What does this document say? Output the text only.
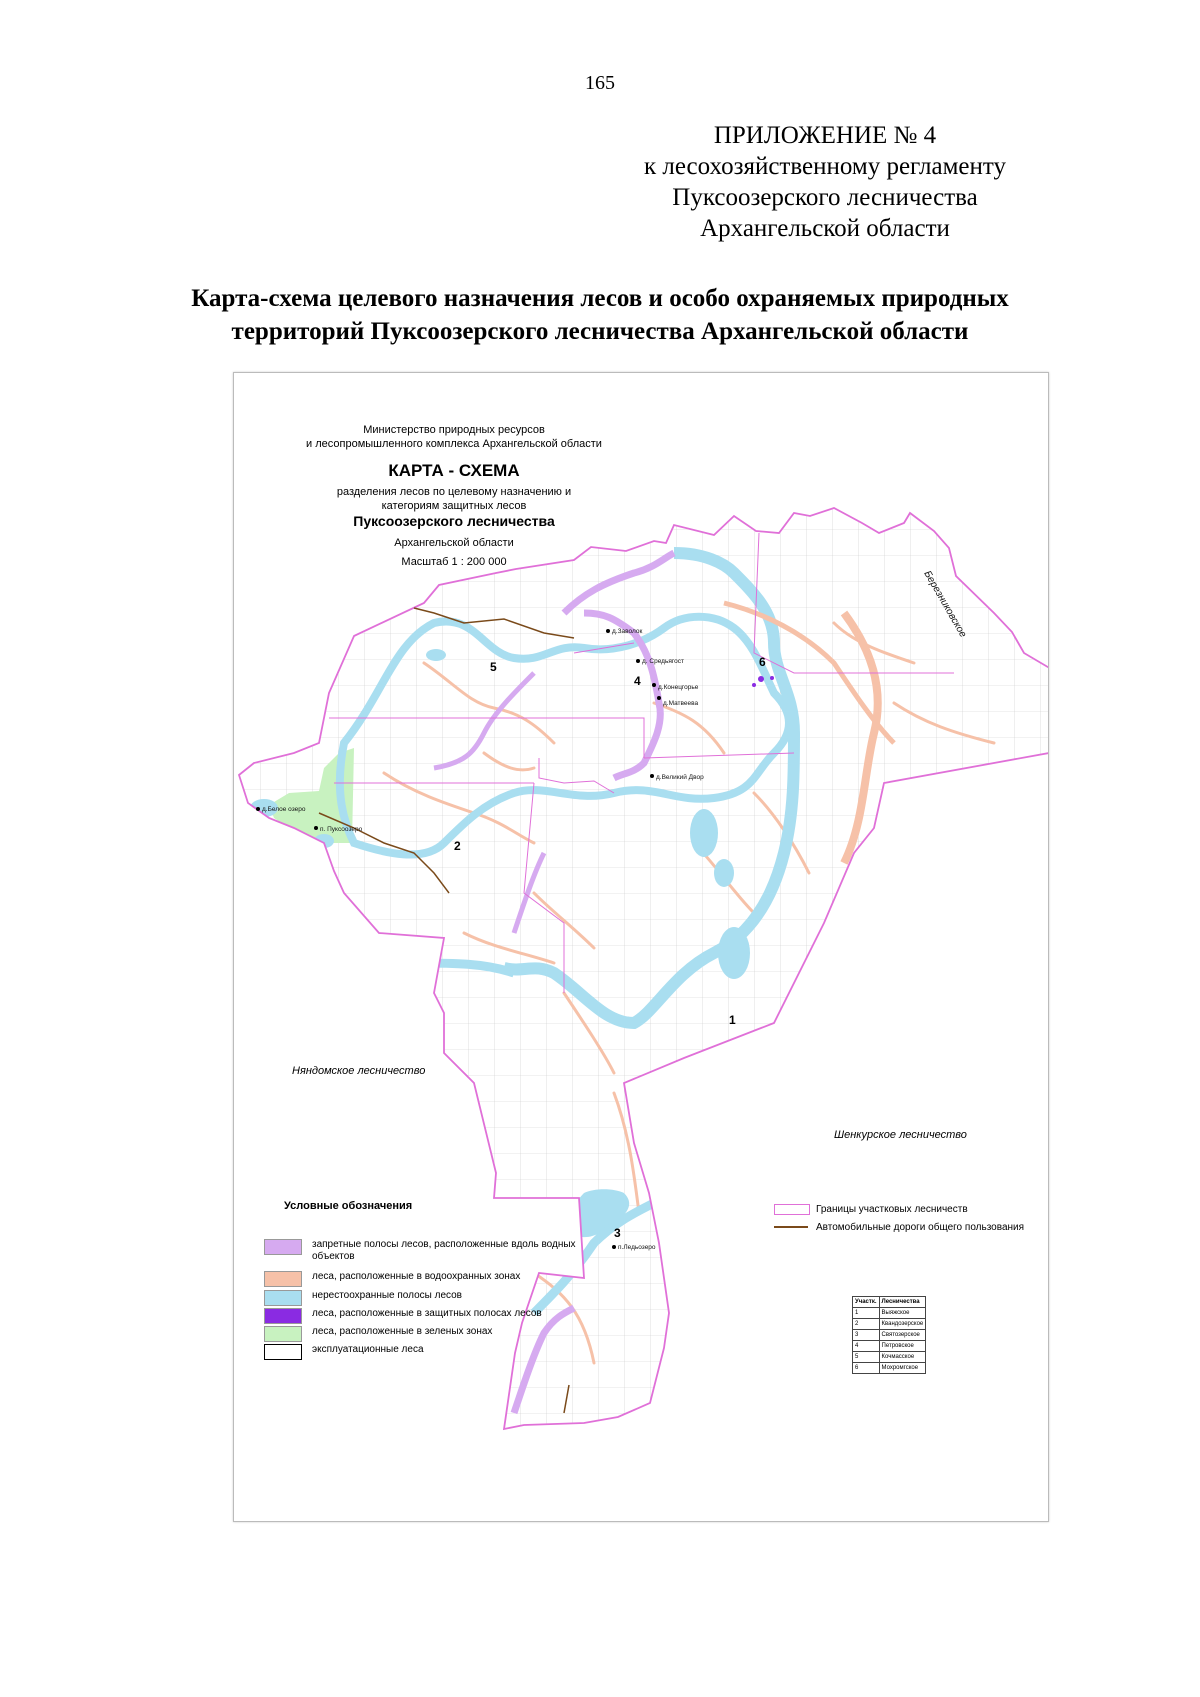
165
ПРИЛОЖЕНИЕ № 4
к лесохозяйственному регламенту
Пуксоозерского лесничества
Архангельской области
Карта-схема целевого назначения лесов и особо охраняемых природных
территорий Пуксоозерского лесничества Архангельской области
д.Заволок
д. Средьягост
д.Конецгорье
д.Матвеева
д.Великий Двор
д.Белое озеро
п. Пуксоозеро
п.Ледьозеро
1
2
3
4
5	6
Березниковское
Министерство природных ресурсов
и лесопромышленного комплекса Архангельской области
КАРТА - СХЕМА
разделения лесов по целевому назначению и
категориям защитных лесов
Пуксоозерского лесничества
Архангельской области
Масштаб 1 : 200 000
Няндомское лесничество
Шенкурское лесничество
Условные обозначения
запретные полосы лесов, расположенные вдоль водных объектов
леса, расположенные в водоохранных зонах
нерестоохранные полосы лесов
леса, расположенные в защитных полосах лесов
леса, расположенные в зеленых зонах
эксплуатационные леса
Границы участковых лесничеств
Автомобильные дороги общего пользования
Участк.	Лесничества
1	Выяжское
2	Квандозерское
3	Святозерское
4	Петровское
5	Кочмасское
6	Мохромгское
